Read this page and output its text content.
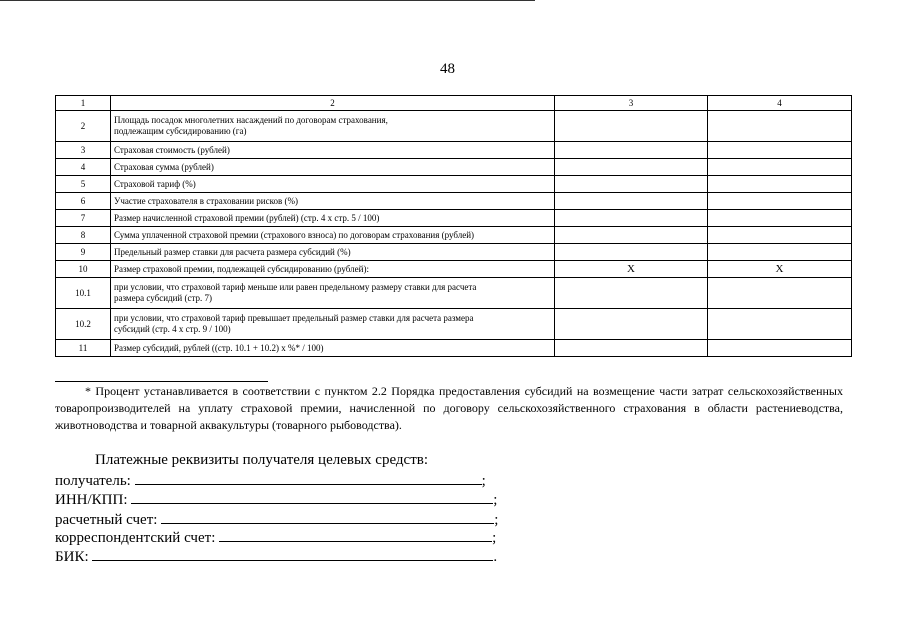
48
1	2	3	4
2	Площадь посадок многолетних насаждений по договорам страхования,
подлежащим субсидированию (га)		

3	Страховая стоимость (рублей)		

4	Страховая сумма (рублей)		

5	Страховой тариф (%)		

6	Участие страхователя в страховании рисков (%)		

7	Размер начисленной страховой премии (рублей) (стр. 4 х стр. 5 / 100)		

8	Сумма уплаченной страховой премии (страхового взноса) по договорам страхования (рублей)		

9	Предельный размер ставки для расчета размера субсидий (%)		

10	Размер страховой премии, подлежащей субсидированию (рублей):	X	X
10.1	при условии, что страховой тариф меньше или равен предельному размеру ставки для расчета
размера субсидий (стр. 7)		

10.2	при условии, что страховой тариф превышает предельный размер ставки для расчета размера
субсидий (стр. 4 х стр. 9 / 100)		

11	Размер субсидий, рублей ((стр. 10.1 + 10.2) х %* / 100)		

* Процент устанавливается в соответствии с пунктом 2.2 Порядка предоставления субсидий на возмещение части затрат сельскохозяйственных товаропроизводителей на уплату страховой премии, начисленной по договору сельскохозяйственного страхования в области растениеводства, животноводства и товарной аквакультуры (товарного рыбоводства).

Платежные реквизиты получателя целевых средств:
получатель:	;
ИНН/КПП:	;
расчетный счет:	;
корреспондентский счет:	;
БИК:	.
